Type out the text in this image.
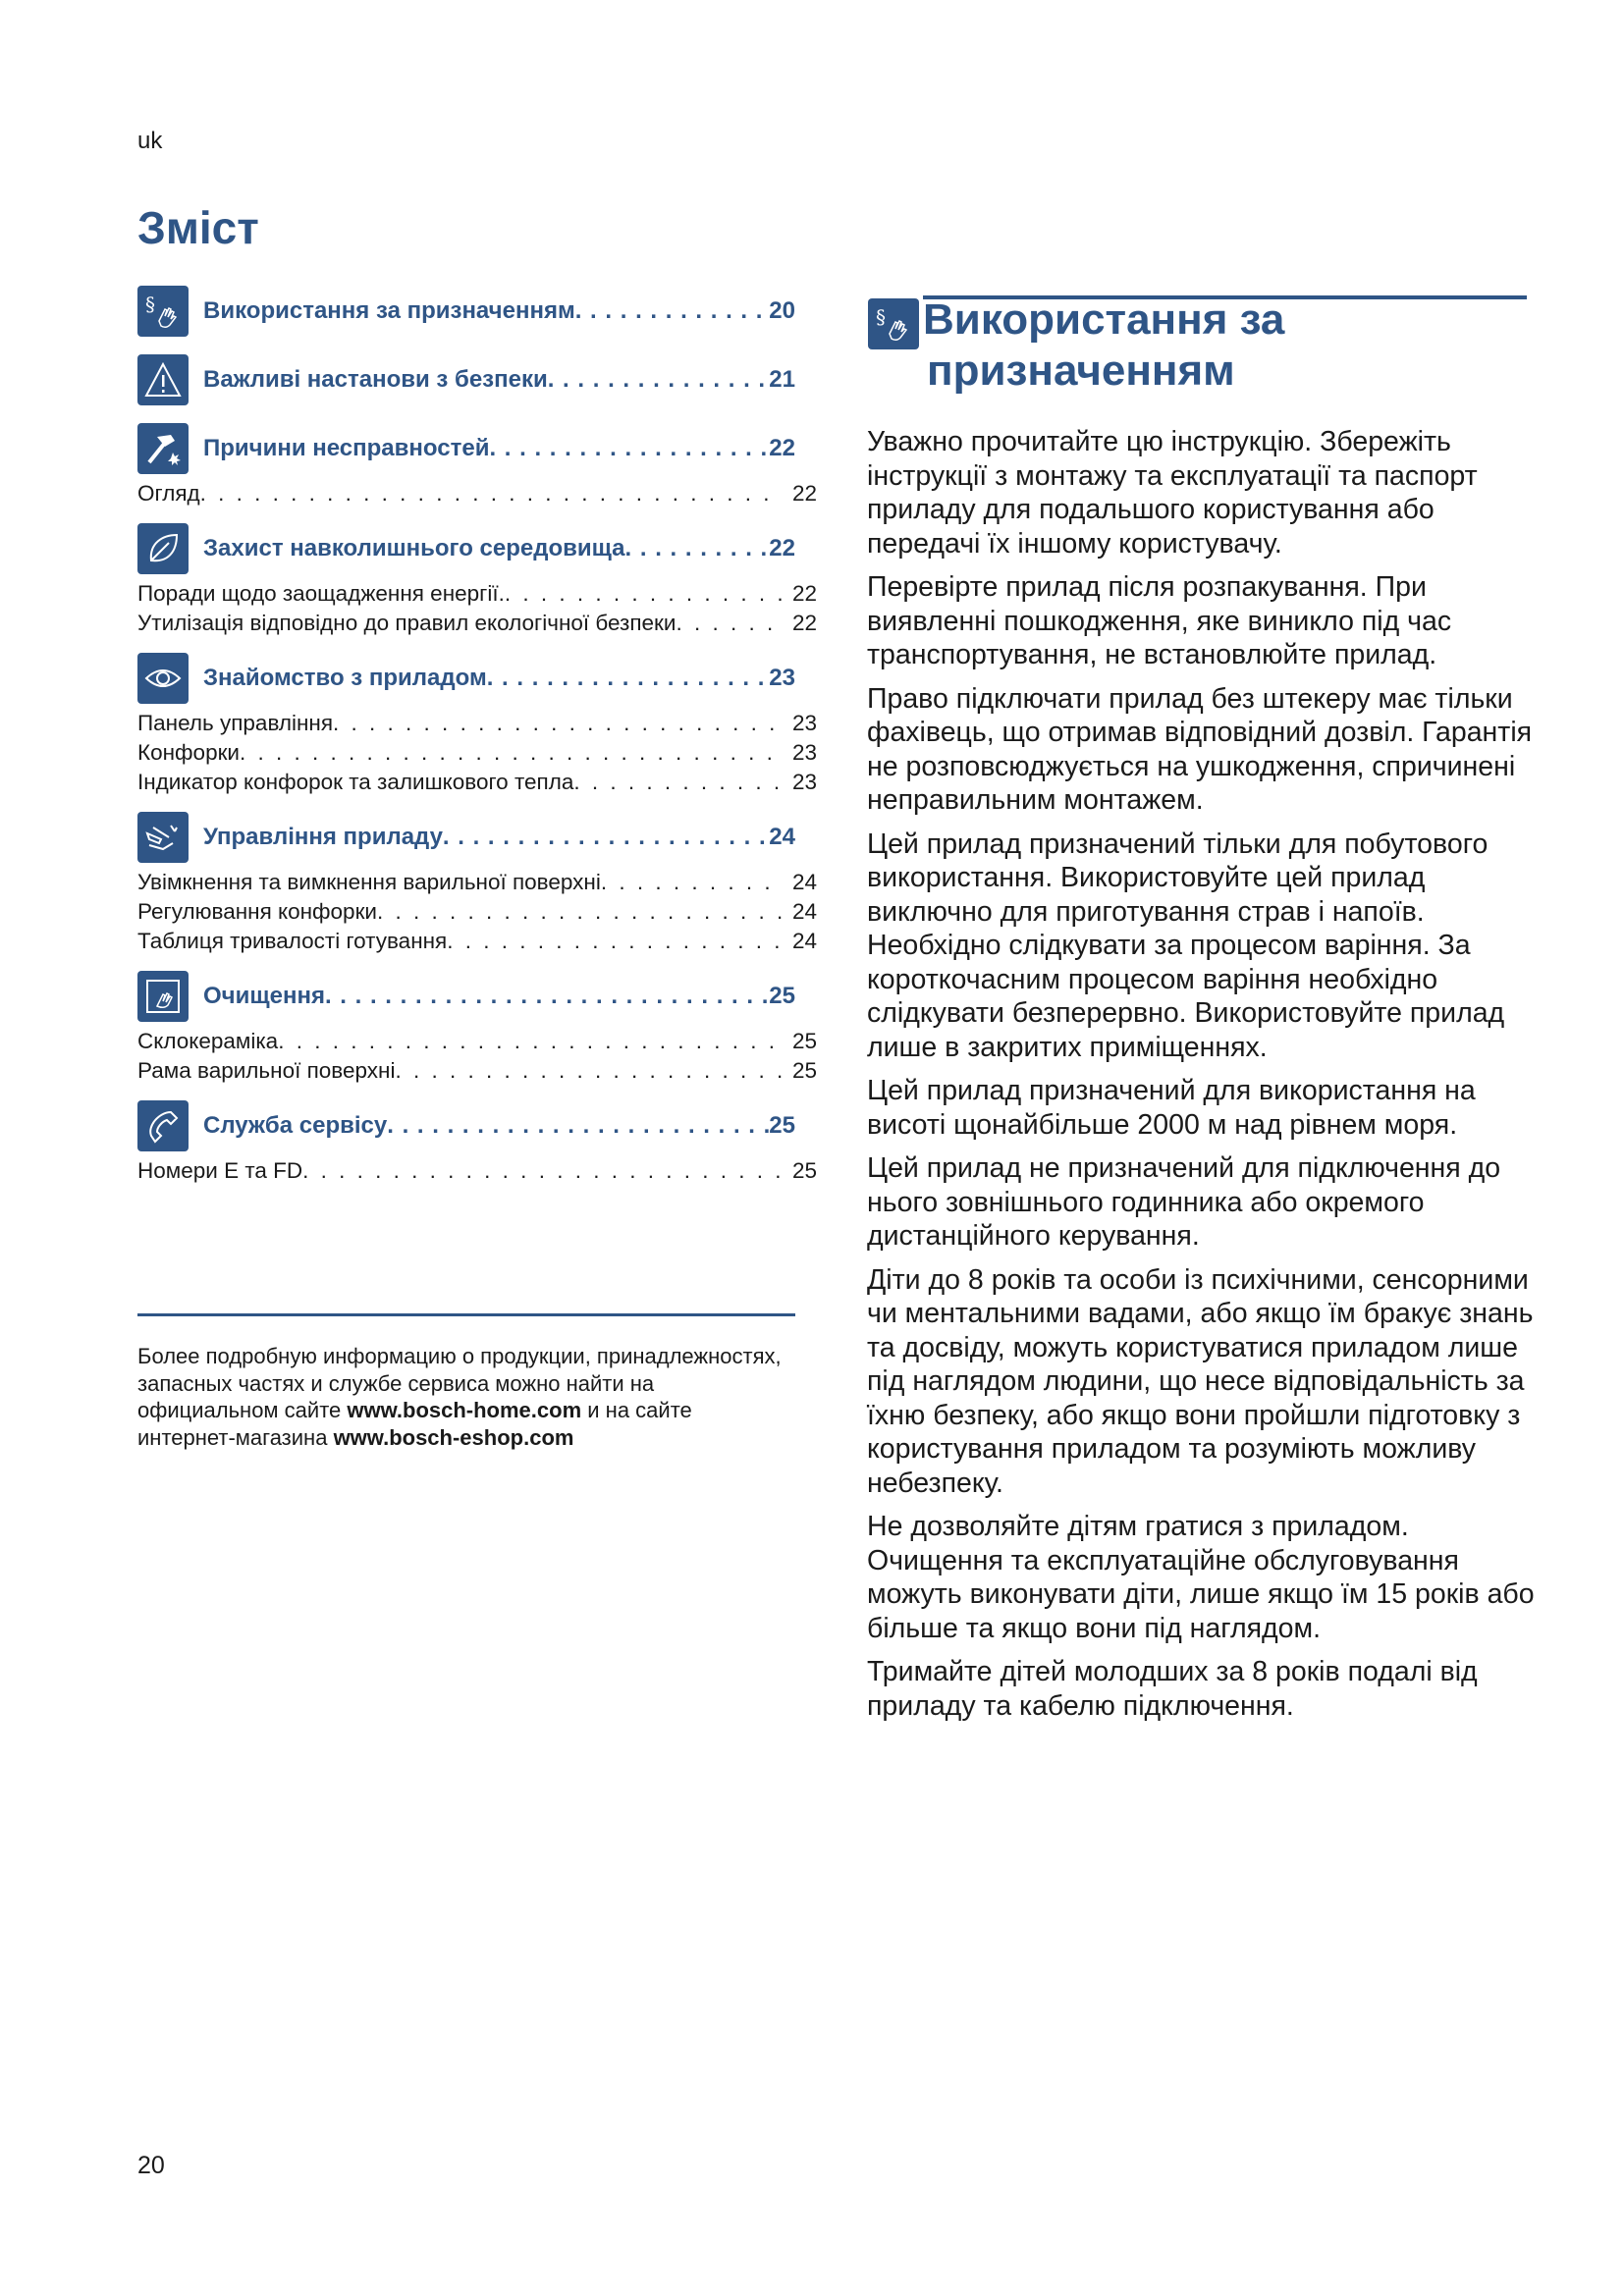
uk
Зміст
§ Використання за призначенням . . .	20
Важливі настанови з безпеки . . .	21
Причини несправностей . . .	22
Огляд . . .	22
Захист навколишнього середовища . . .	22
Поради щодо заощадження енергії. . . .	22
Утилізація відповідно до правил екологічної безпеки . . .	22
Знайомство з приладом . . .	23
Панель управління . . .	23
Конфорки . . .	23
Індикатор конфорок та залишкового тепла . . .	23
Управління приладу . . .	24
Увімкнення та вимкнення варильної поверхні . . .	24
Регулювання конфорки . . .	24
Таблиця тривалості готування . . .	24
Очищення . . .	25
Склокераміка . . .	25
Рама варильної поверхні . . .	25
Служба сервісу . . .	25
Номери E та FD . . .	25
Более подробную информацию о продукции, принадлежностях, запасных частях и службе сервиса можно найти на официальном сайте www.bosch-home.com и на сайте интернет-магазина www.bosch-eshop.com
§ Використання за
призначенням

Уважно прочитайте цю інструкцію. Збережіть інструкції з монтажу та експлуатації та паспорт приладу для подальшого користування або передачі їх іншому користувачу.

Перевірте прилад після розпакування. При виявленні пошкодження, яке виникло під час транспортування, не встановлюйте прилад.

Право підключати прилад без штекеру має тільки фахівець, що отримав відповідний дозвіл. Гарантія не розповсюджується на ушкодження, спричинені неправильним монтажем.

Цей прилад призначений тільки для побутового використання. Використовуйте цей прилад виключно для приготування страв і напоїв. Необхідно слідкувати за процесом варіння. За короткочасним процесом варіння необхідно слідкувати безперервно. Використовуйте прилад лише в закритих приміщеннях.

Цей прилад призначений для використання на висоті щонайбільше 2000 м над рівнем моря.

Цей прилад не призначений для підключення до нього зовнішнього годинника або окремого дистанційного керування.

Діти до 8 років та особи із психічними, сенсорними чи ментальними вадами, або якщо їм бракує знань та досвіду, можуть користуватися приладом лише під наглядом людини, що несе відповідальність за їхню безпеку, або якщо вони пройшли підготовку з користування приладом та розуміють можливу небезпеку.

Не дозволяйте дітям гратися з приладом. Очищення та експлуатаційне обслуговування можуть виконувати діти, лише якщо їм 15 років або більше та якщо вони під наглядом.

Тримайте дітей молодших за 8 років подалі від приладу та кабелю підключення.

20
